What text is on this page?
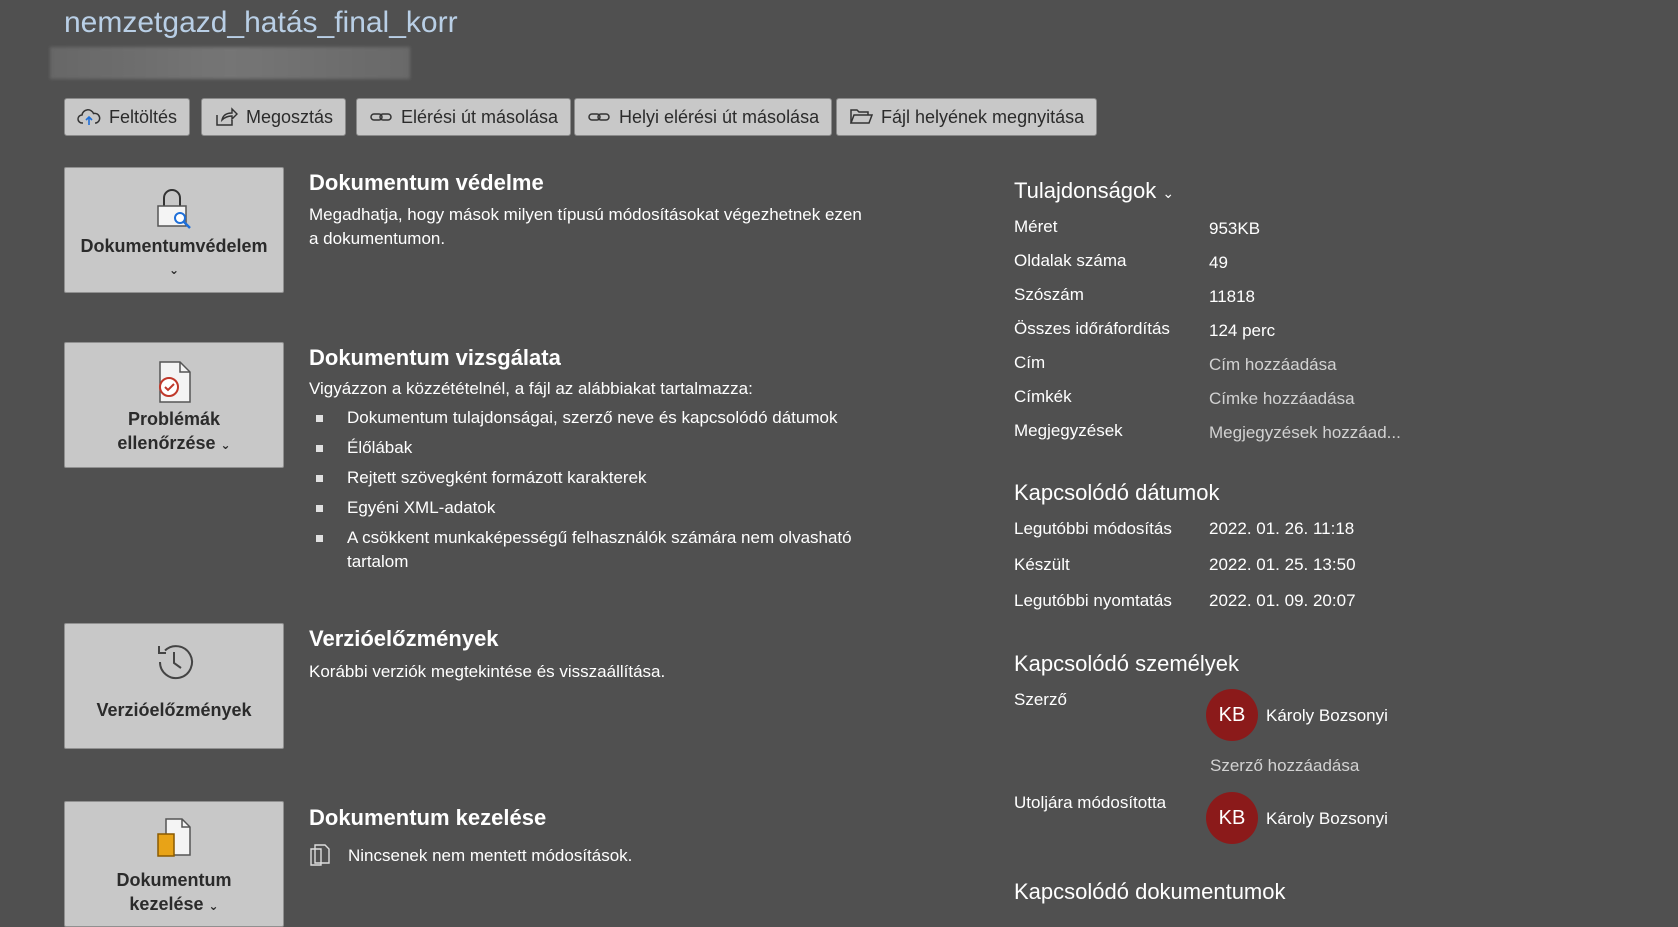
nemzetgazd_hatás_final_korr
Feltöltés	Megosztás	Elérési út másolása	Helyi elérési út másolása	Fájl helyének megnyitása
Dokumentumvédelem
⌄
Dokumentum védelme
Megadhatja, hogy mások milyen típusú módosításokat végezhetnek ezen
a dokumentumon.
Problémák
ellenőrzése ⌄
Dokumentum vizsgálata
Vigyázzon a közzétételnél, a fájl az alábbiakat tartalmazza:
Dokumentum tulajdonságai, szerző neve és kapcsolódó dátumok
Élőlábak
Rejtett szövegként formázott karakterek
Egyéni XML-adatok
A csökkent munkaképességű felhasználók számára nem olvasható
tartalom
Verzióelőzmények
Verzióelőzmények
Korábbi verziók megtekintése és visszaállítása.
Dokumentum
kezelése ⌄
Dokumentum kezelése
Nincsenek nem mentett módosítások.
Tulajdonságok ⌄
Méret	953KB
Oldalak száma	49
Szószám	11818
Összes időráfordítás 124 perc
Cím	Cím hozzáadása
Címkék	Címke hozzáadása
Megjegyzések	Megjegyzések hozzáad...
Kapcsolódó dátumok
Legutóbbi módosítás 2022. 01. 26. 11:18
Készült	2022. 01. 25. 13:50
Legutóbbi nyomtatás 2022. 01. 09. 20:07
Kapcsolódó személyek
Szerző
KB	Károly Bozsonyi
Szerző hozzáadása
Utoljára módosította
KB	Károly Bozsonyi
Kapcsolódó dokumentumok
